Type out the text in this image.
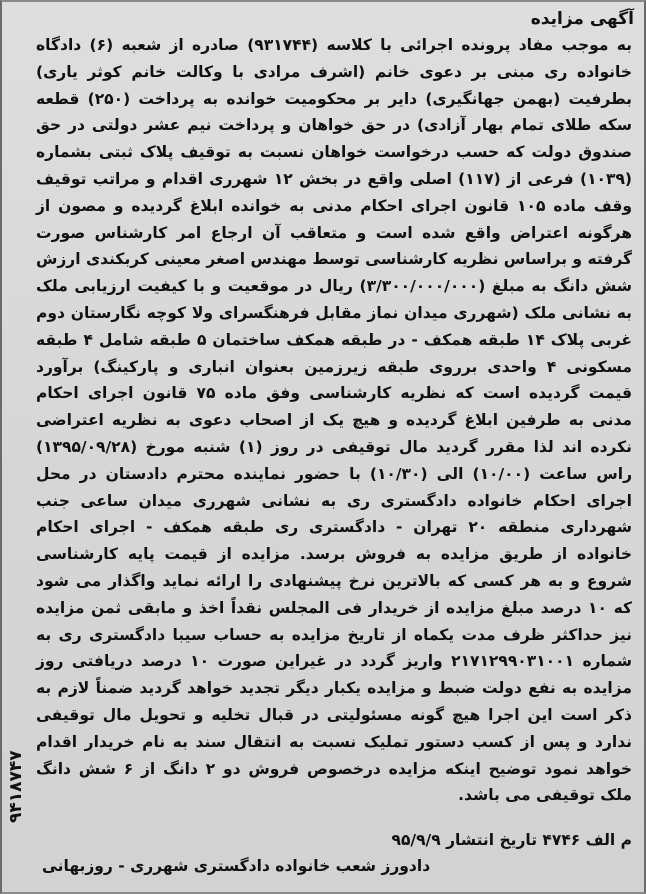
آگهی مزایده

به موجب مفاد پرونده اجرائی با کلاسه (۹۳۱۷۴۴) صادره از شعبه (۶) دادگاه خانواده ری مبنی بر دعوی خانم (اشرف مرادی با وکالت خانم کوثر یاری) بطرفیت (بهمن جهانگیری) دایر بر محکومیت خوانده به پرداخت (۲۵۰) قطعه سکه طلای تمام بهار آزادی) در حق خواهان و پرداخت نیم عشر دولتی در حق صندوق دولت که حسب درخواست خواهان نسبت به توقیف پلاک ثبتی بشماره (۱۰۳۹) فرعی از (۱۱۷) اصلی واقع در بخش ۱۲ شهرری اقدام و مراتب توقیف وقف ماده ۱۰۵ قانون اجرای احکام مدنی به خوانده ابلاغ گردیده و مصون از هرگونه اعتراض واقع شده است و متعاقب آن ارجاع امر کارشناس صورت گرفته و براساس نظریه کارشناسی توسط مهندس اصغر معینی کربکندی ارزش شش دانگ به مبلغ (۳/۳۰۰/۰۰۰/۰۰۰) ریال در موقعیت و با کیفیت ارزیابی ملک به نشانی ملک (شهرری میدان نماز مقابل فرهنگسرای ولا کوچه نگارستان دوم غربی پلاک ۱۴ طبقه همکف - در طبقه همکف ساختمان ۵ طبقه شامل ۴ طبقه مسکونی ۴ واحدی برروی طبقه زیرزمین بعنوان انباری و پارکینگ) برآورد قیمت گردیده است که نظریه کارشناسی وفق ماده ۷۵ قانون اجرای احکام مدنی به طرفین ابلاغ گردیده و هیچ یک از اصحاب دعوی به نظریه اعتراضی نکرده اند لذا مقرر گردید مال توقیفی در روز (۱) شنبه مورخ (۱۳۹۵/۰۹/۲۸) راس ساعت (۱۰/۰۰) الی (۱۰/۳۰) با حضور نماینده محترم دادستان در محل اجرای احکام خانواده دادگستری ری به نشانی شهرری میدان ساعی جنب شهرداری منطقه ۲۰ تهران - دادگستری ری طبقه همکف - اجرای احکام خانواده از طریق مزایده به فروش برسد. مزایده از قیمت پایه کارشناسی شروع و به هر کسی که بالاترین نرخ پیشنهادی را ارائه نماید واگذار می شود که ۱۰ درصد مبلغ مزایده از خریدار فی المجلس نقداً اخذ و مابقی ثمن مزایده نیز حداکثر ظرف مدت یکماه از تاریخ مزایده به حساب سیبا دادگستری ری به شماره ۲۱۷۱۲۹۹۰۳۱۰۰۱ واریز گردد در غیراین صورت ۱۰ درصد دریافتی روز مزایده به نفع دولت ضبط و مزایده یکبار دیگر تجدید خواهد گردید ضمناً لازم به ذکر است این اجرا هیچ گونه مسئولیتی در قبال تخلیه و تحویل مال توقیفی ندارد و پس از کسب دستور تملیک نسبت به انتقال سند به نام خریدار اقدام خواهد نمود توضیح اینکه مزایده درخصوص فروش دو ۲ دانگ از ۶ شش دانگ ملک توقیفی می باشد.

م الف ۴۷۴۶ تاریخ انتشار ۹۵/۹/۹
دادورز شعب خانواده دادگستری شهرری - روزبهانی
۹۴۱۸۷۴۷
